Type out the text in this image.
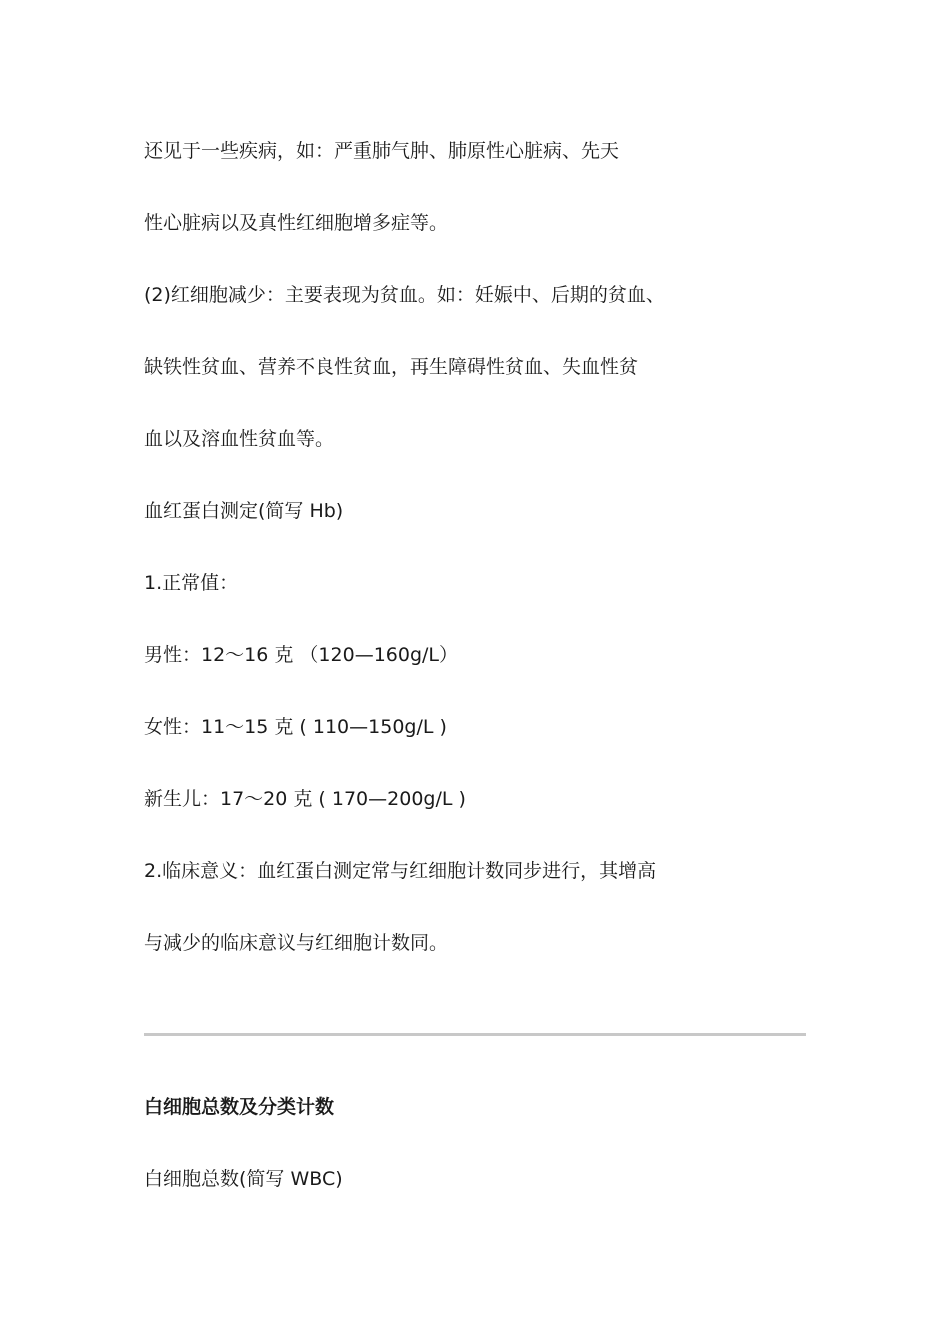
还见于一些疾病，如：严重肺气肿、肺原性心脏病、先天
性心脏病以及真性红细胞增多症等。
(2)红细胞减少：主要表现为贫血。如：妊娠中、后期的贫血、
缺铁性贫血、营养不良性贫血，再生障碍性贫血、失血性贫
血以及溶血性贫血等。
血红蛋白测定(简写 Hb)
1.正常值：
男性：12～16 克 （120—160g/L）
女性：11～15 克 ( 110—150g/L )
新生儿：17～20 克 ( 170—200g/L )
2.临床意义：血红蛋白测定常与红细胞计数同步进行，其增高
与减少的临床意议与红细胞计数同。
白细胞总数及分类计数
白细胞总数(简写 WBC)
